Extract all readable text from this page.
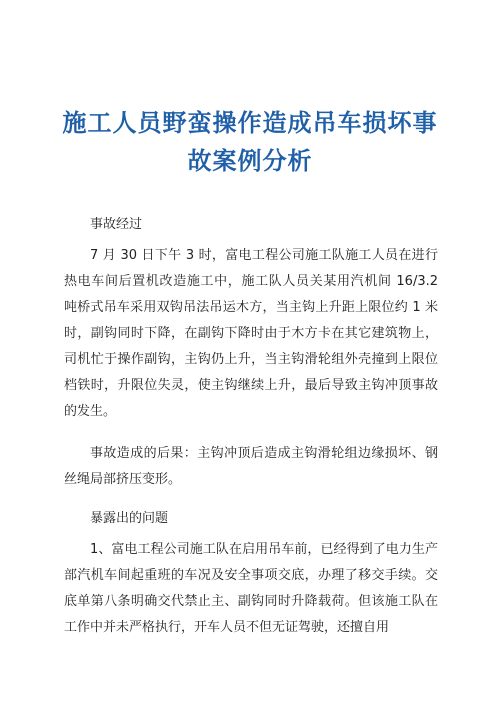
施工人员野蛮操作造成吊车损坏事
故案例分析

事故经过

7 月 30 日下午 3 时，富电工程公司施工队施工人员在进行热电车间后置机改造施工中，施工队人员关某用汽机间 16/3.2 吨桥式吊车采用双钩吊法吊运木方，当主钩上升距上限位约 1 米时，副钩同时下降，在副钩下降时由于木方卡在其它建筑物上，司机忙于操作副钩，主钩仍上升，当主钩滑轮组外壳撞到上限位档铁时，升限位失灵，使主钩继续上升，最后导致主钩冲顶事故的发生。

事故造成的后果：主钩冲顶后造成主钩滑轮组边缘损坏、钢丝绳局部挤压变形。

暴露出的问题

1、富电工程公司施工队在启用吊车前，已经得到了电力生产部汽机车间起重班的车况及安全事项交底，办理了移交手续。交底单第八条明确交代禁止主、副钩同时升降载荷。但该施工队在工作中并未严格执行，开车人员不但无证驾驶，还擅自用
